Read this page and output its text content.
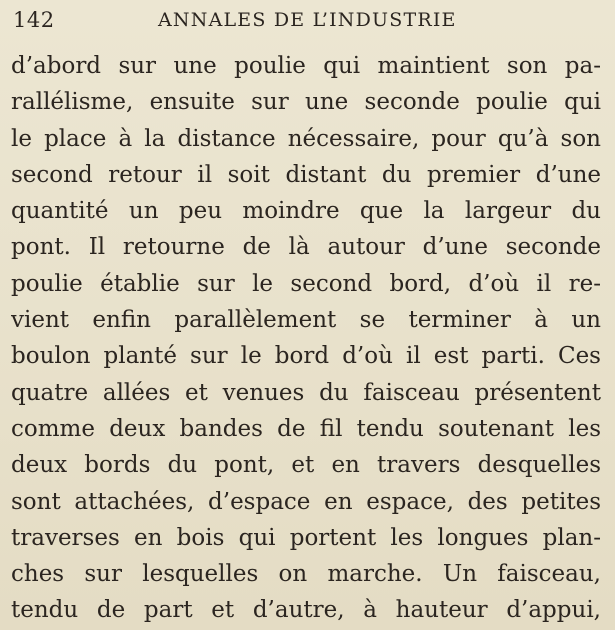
142	ANNALES DE L’INDUSTRIE
d’abord sur une poulie qui maintient son pa-
rallélisme, ensuite sur une seconde poulie qui
le place à la distance nécessaire, pour qu’à son
second retour il soit distant du premier d’une
quantité un peu moindre que la largeur du
pont. Il retourne de là autour d’une seconde
poulie établie sur le second bord, d’où il re-
vient enfin parallèlement se terminer à un
boulon planté sur le bord d’où il est parti. Ces
quatre allées et venues du faisceau présentent
comme deux bandes de fil tendu soutenant les
deux bords du pont, et en travers desquelles
sont attachées, d’espace en espace, des petites
traverses en bois qui portent les longues plan-
ches sur lesquelles on marche. Un faisceau,
tendu de part et d’autre, à hauteur d’appui,
